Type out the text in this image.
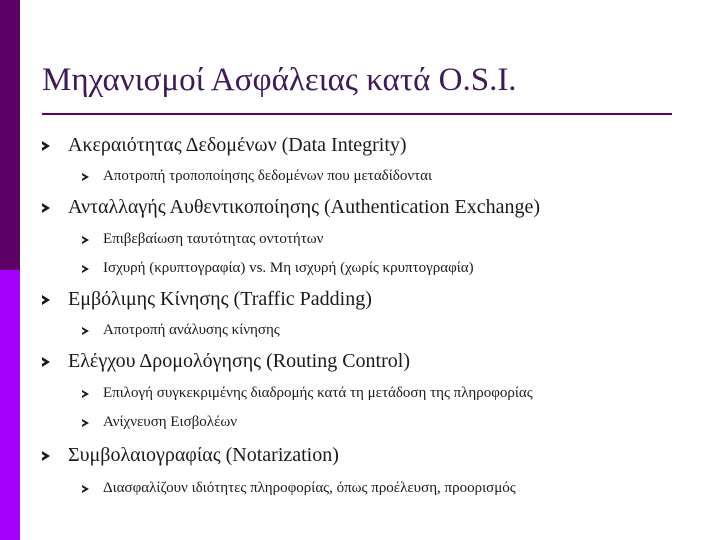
Μηχανισμοί Ασφάλειας κατά O.S.I.
Ακεραιότητας Δεδομένων (Data Integrity)
Αποτροπή τροποποίησης δεδομένων που μεταδίδονται
Ανταλλαγής Αυθεντικοποίησης (Authentication Exchange)
Επιβεβαίωση ταυτότητας οντοτήτων
Ισχυρή (κρυπτογραφία) vs. Μη ισχυρή (χωρίς κρυπτογραφία)
Εμβόλιμης Κίνησης (Traffic Padding)
Αποτροπή ανάλυσης κίνησης
Ελέγχου Δρομολόγησης (Routing Control)
Επιλογή συγκεκριμένης διαδρομής κατά τη μετάδοση της πληροφορίας
Ανίχνευση Εισβολέων
Συμβολαιογραφίας (Notarization)
Διασφαλίζουν ιδιότητες πληροφορίας, όπως προέλευση, προορισμός
